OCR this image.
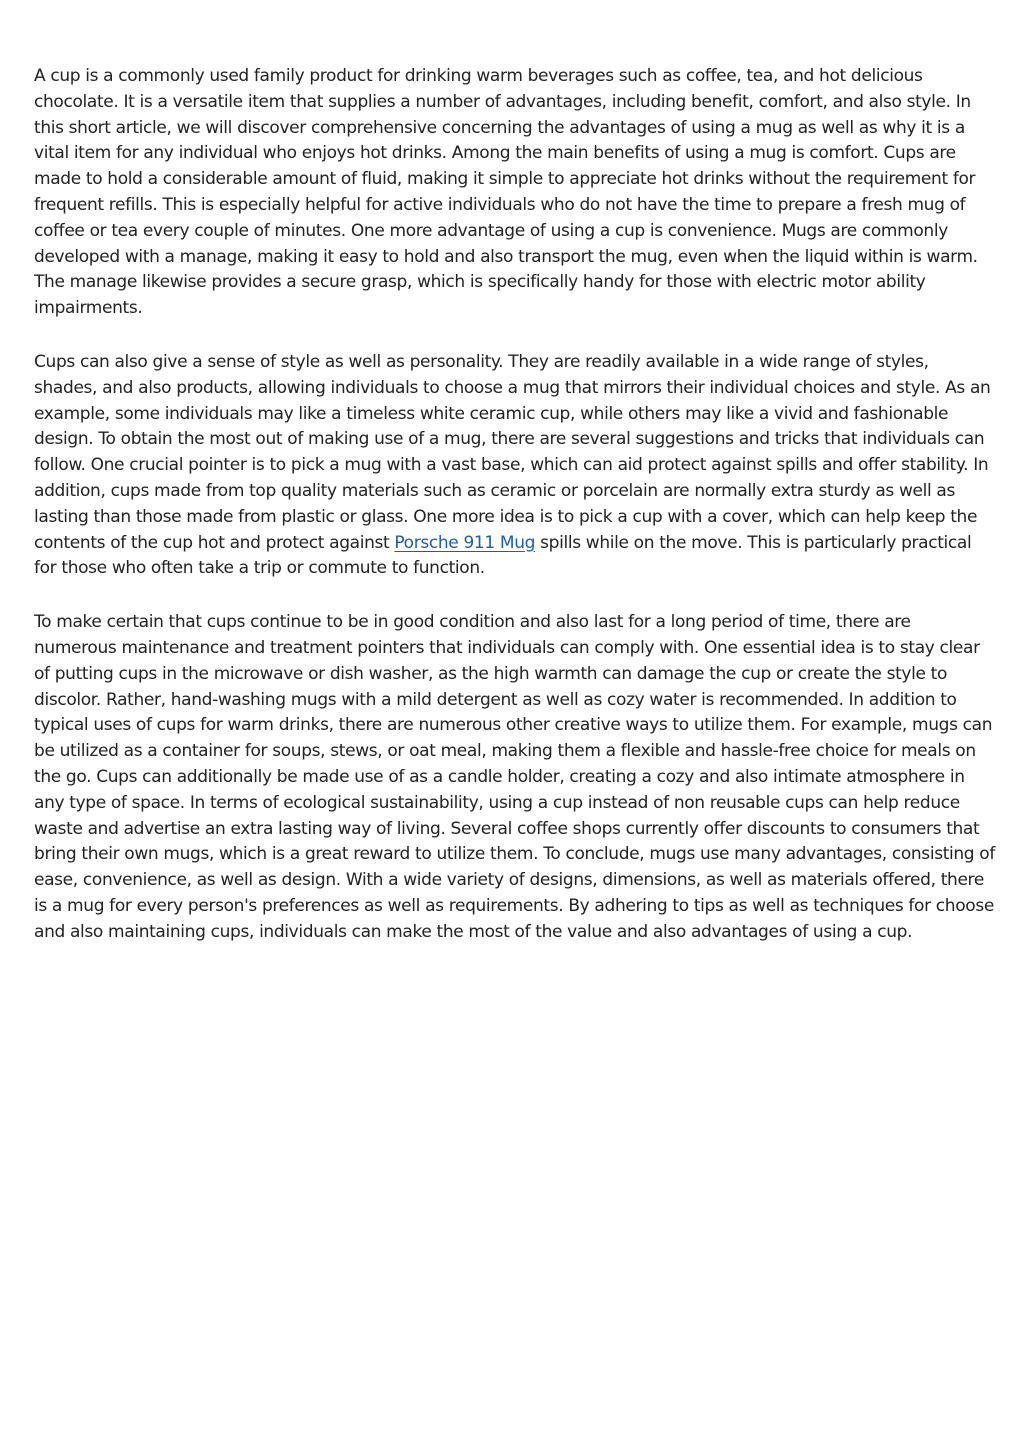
A cup is a commonly used family product for drinking warm beverages such as coffee, tea, and hot delicious chocolate. It is a versatile item that supplies a number of advantages, including benefit, comfort, and also style. In this short article, we will discover comprehensive concerning the advantages of using a mug as well as why it is a vital item for any individual who enjoys hot drinks. Among the main benefits of using a mug is comfort. Cups are made to hold a considerable amount of fluid, making it simple to appreciate hot drinks without the requirement for frequent refills. This is especially helpful for active individuals who do not have the time to prepare a fresh mug of coffee or tea every couple of minutes. One more advantage of using a cup is convenience. Mugs are commonly developed with a manage, making it easy to hold and also transport the mug, even when the liquid within is warm. The manage likewise provides a secure grasp, which is specifically handy for those with electric motor ability impairments.

Cups can also give a sense of style as well as personality. They are readily available in a wide range of styles, shades, and also products, allowing individuals to choose a mug that mirrors their individual choices and style. As an example, some individuals may like a timeless white ceramic cup, while others may like a vivid and fashionable design. To obtain the most out of making use of a mug, there are several suggestions and tricks that individuals can follow. One crucial pointer is to pick a mug with a vast base, which can aid protect against spills and offer stability. In addition, cups made from top quality materials such as ceramic or porcelain are normally extra sturdy as well as lasting than those made from plastic or glass. One more idea is to pick a cup with a cover, which can help keep the contents of the cup hot and protect against Porsche 911 Mug spills while on the move. This is particularly practical for those who often take a trip or commute to function.

To make certain that cups continue to be in good condition and also last for a long period of time, there are numerous maintenance and treatment pointers that individuals can comply with. One essential idea is to stay clear of putting cups in the microwave or dish washer, as the high warmth can damage the cup or create the style to discolor. Rather, hand-washing mugs with a mild detergent as well as cozy water is recommended. In addition to typical uses of cups for warm drinks, there are numerous other creative ways to utilize them. For example, mugs can be utilized as a container for soups, stews, or oat meal, making them a flexible and hassle-free choice for meals on the go. Cups can additionally be made use of as a candle holder, creating a cozy and also intimate atmosphere in any type of space. In terms of ecological sustainability, using a cup instead of non reusable cups can help reduce waste and advertise an extra lasting way of living. Several coffee shops currently offer discounts to consumers that bring their own mugs, which is a great reward to utilize them. To conclude, mugs use many advantages, consisting of ease, convenience, as well as design. With a wide variety of designs, dimensions, as well as materials offered, there is a mug for every person's preferences as well as requirements. By adhering to tips as well as techniques for choose and also maintaining cups, individuals can make the most of the value and also advantages of using a cup.
